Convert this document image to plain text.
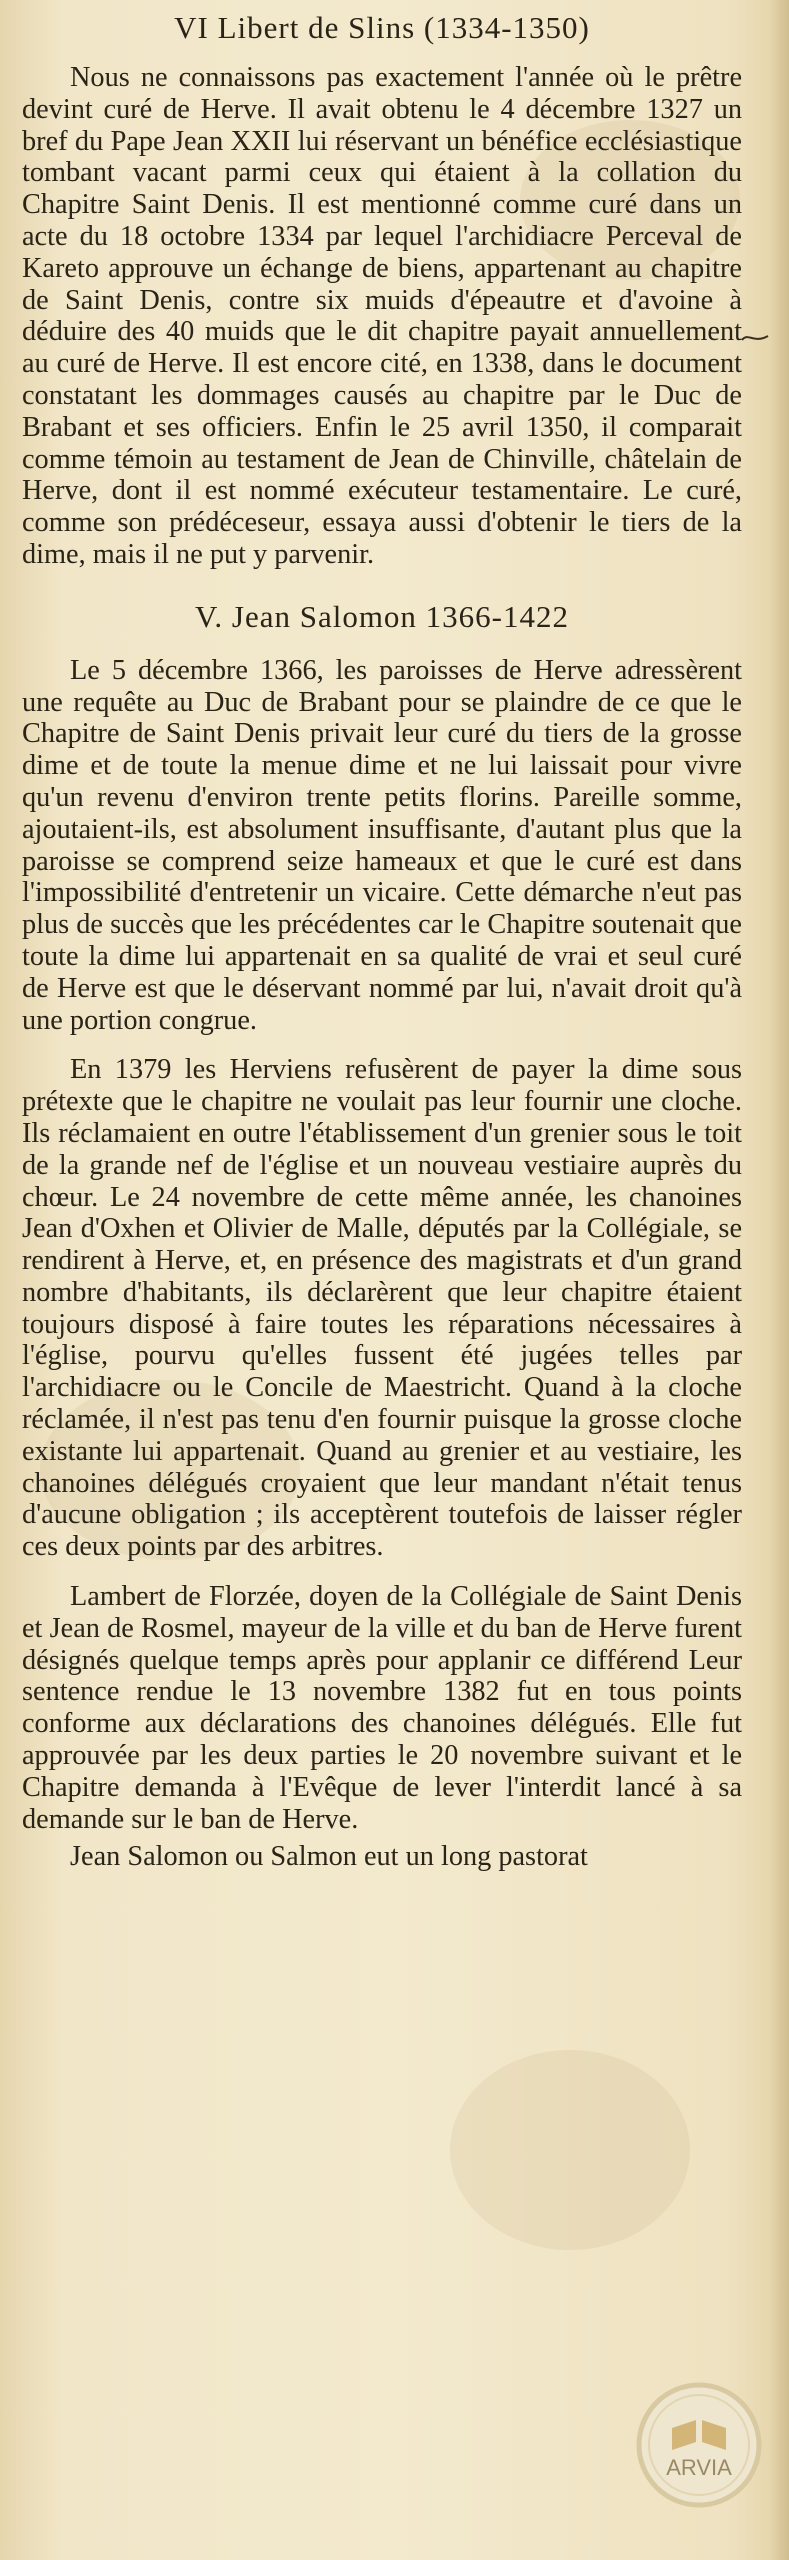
VI Libert de Slins (1334-1350)

Nous ne connaissons pas exactement l'année où le prêtre devint curé de Herve. Il avait obtenu le 4 décembre 1327 un bref du Pape Jean XXII lui réservant un bénéfice ecclésiastique tombant vacant parmi ceux qui étaient à la collation du Chapitre Saint Denis. Il est mentionné comme curé dans un acte du 18 octobre 1334 par lequel l'archidiacre Perceval de Kareto approuve un échange de biens, appartenant au chapitre de Saint Denis, contre six muids d'épeautre et d'avoine à déduire des 40 muids que le dit chapitre payait annuellement au curé de Herve. Il est encore cité, en 1338, dans le document constatant les dommages causés au chapitre par le Duc de Brabant et ses officiers. Enfin le 25 avril 1350, il comparait comme témoin au testament de Jean de Chinville, châtelain de Herve, dont il est nommé exécuteur testamentaire. Le curé, comme son prédéceseur, essaya aussi d'obtenir le tiers de la dime, mais il ne put y parvenir.

V. Jean Salomon 1366-1422

Le 5 décembre 1366, les paroisses de Herve adressèrent une requête au Duc de Brabant pour se plaindre de ce que le Chapitre de Saint Denis privait leur curé du tiers de la grosse dime et de toute la menue dime et ne lui laissait pour vivre qu'un revenu d'environ trente petits florins. Pareille somme, ajoutaient-ils, est absolument insuffisante, d'autant plus que la paroisse se comprend seize hameaux et que le curé est dans l'impossibilité d'entretenir un vicaire. Cette démarche n'eut pas plus de succès que les précédentes car le Chapitre soutenait que toute la dime lui appartenait en sa qualité de vrai et seul curé de Herve est que le déservant nommé par lui, n'avait droit qu'à une portion congrue.

En 1379 les Herviens refusèrent de payer la dime sous prétexte que le chapitre ne voulait pas leur fournir une cloche. Ils réclamaient en outre l'établissement d'un grenier sous le toit de la grande nef de l'église et un nouveau vestiaire auprès du chœur. Le 24 novembre de cette même année, les chanoines Jean d'Oxhen et Olivier de Malle, députés par la Collégiale, se rendirent à Herve, et, en présence des magistrats et d'un grand nombre d'habitants, ils déclarèrent que leur chapitre étaient toujours disposé à faire toutes les réparations nécessaires à l'église, pourvu qu'elles fussent été jugées telles par l'archidiacre ou le Concile de Maestricht. Quand à la cloche réclamée, il n'est pas tenu d'en fournir puisque la grosse cloche existante lui appartenait. Quand au grenier et au vestiaire, les chanoines délégués croyaient que leur mandant n'était tenus d'aucune obligation ; ils acceptèrent toutefois de laisser régler ces deux points par des arbitres.

Lambert de Florzée, doyen de la Collégiale de Saint Denis et Jean de Rosmel, mayeur de la ville et du ban de Herve furent désignés quelque temps après pour applanir ce différend Leur sentence rendue le 13 novembre 1382 fut en tous points conforme aux déclarations des chanoines délégués. Elle fut approuvée par les deux parties le 20 novembre suivant et le Chapitre demanda à l'Evêque de lever l'interdit lancé à sa demande sur le ban de Herve.

Jean Salomon ou Salmon eut un long pastorat

ARVIA
